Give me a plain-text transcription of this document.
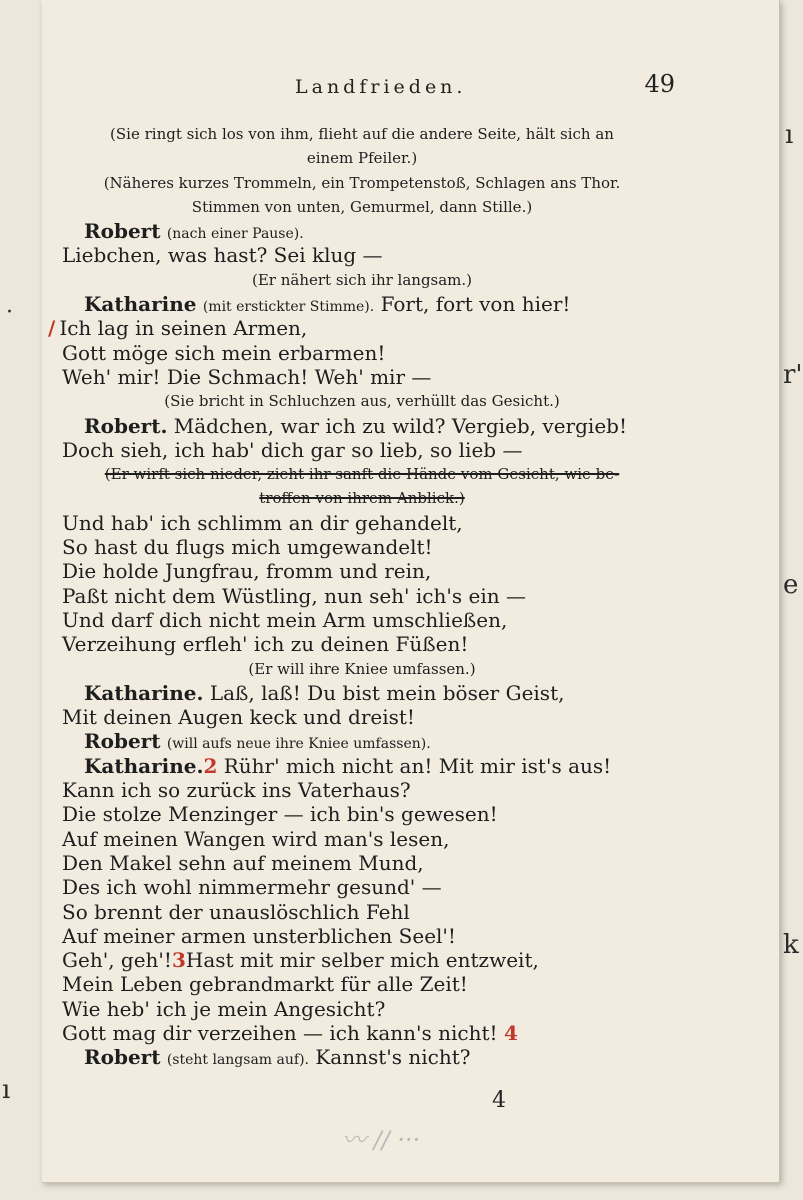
ı
r'
e
k
ı
Landfrieden.	49
(Sie ringt sich los von ihm, flieht auf die andere Seite, hält sich an
einem Pfeiler.)
(Näheres kurzes Trommeln, ein Trompetenstoß, Schlagen ans Thor.
Stimmen von unten, Gemurmel, dann Stille.)
Robert (nach einer Pause).
Liebchen, was hast? Sei klug —
(Er nähert sich ihr langsam.)
Katharine (mit erstickter Stimme). Fort, fort von hier!
/ Ich lag in seinen Armen,
Gott möge sich mein erbarmen!
Weh' mir! Die Schmach! Weh' mir —
(Sie bricht in Schluchzen aus, verhüllt das Gesicht.)
Robert. Mädchen, war ich zu wild? Vergieb, vergieb!
Doch sieh, ich hab' dich gar so lieb, so lieb —
(Er wirft sich nieder, zieht ihr sanft die Hände vom Gesicht, wie be-
troffen von ihrem Anblick.)
Und hab' ich schlimm an dir gehandelt,
So hast du flugs mich umgewandelt!
Die holde Jungfrau, fromm und rein,
Paßt nicht dem Wüstling, nun seh' ich's ein —
Und darf dich nicht mein Arm umschließen,
Verzeihung erfleh' ich zu deinen Füßen!
(Er will ihre Kniee umfassen.)
Katharine. Laß, laß! Du bist mein böser Geist,
Mit deinen Augen keck und dreist!
Robert (will aufs neue ihre Kniee umfassen).
Katharine.2 Rühr' mich nicht an! Mit mir ist's aus!
Kann ich so zurück ins Vaterhaus?
Die stolze Menzinger — ich bin's gewesen!
Auf meinen Wangen wird man's lesen,
Den Makel sehn auf meinem Mund,
Des ich wohl nimmermehr gesund' —
So brennt der unauslöschlich Fehl
Auf meiner armen unsterblichen Seel'!
Geh', geh'!3Hast mit mir selber mich entzweit,
Mein Leben gebrandmarkt für alle Zeit!
Wie heb' ich je mein Angesicht?
Gott mag dir verzeihen — ich kann's nicht! 4
Robert (steht langsam auf). Kannst's nicht?
4
〰︎ ∕∕ ···
·
